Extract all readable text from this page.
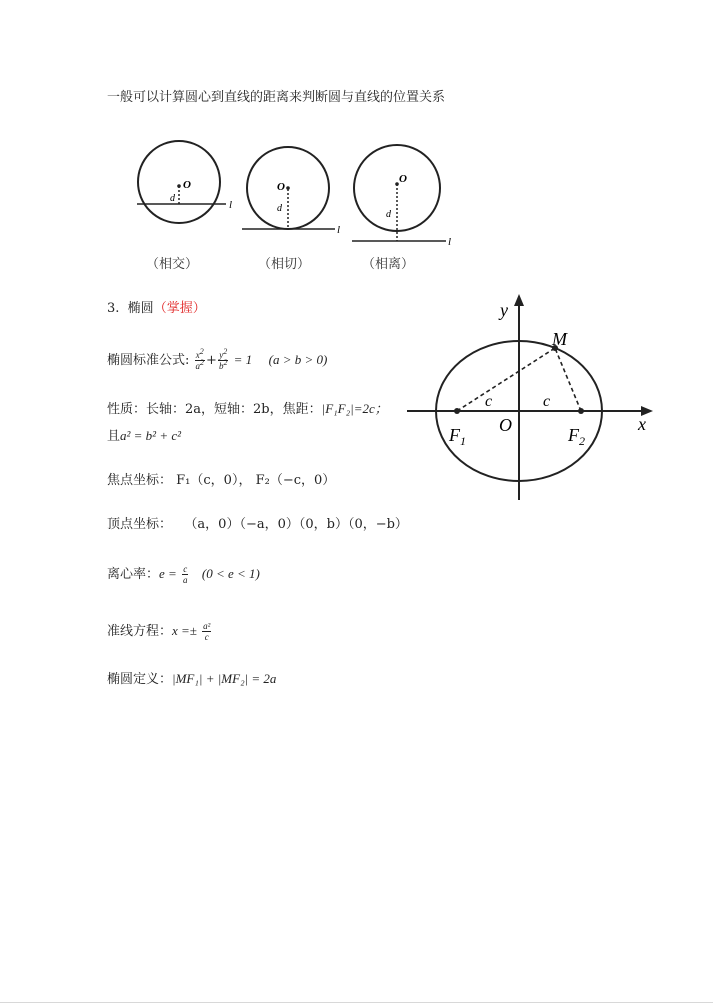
一般可以计算圆心到直线的距离来判断圆与直线的位置关系
O
d
l
O
d
l
O
d
l
（相交）	（相切）	（相离）
3. 椭圆（掌握）
椭圆标准公式: $\frac{x^2}{a^2} + \frac{y^2}{b^2} = 1$ (a > b > 0)
性质：长轴：2a，短轴：2b，焦距：|F₁F₂|=2c；
且a² = b² + c²
焦点坐标： F₁（c，0）， F₂（−c，0）
顶点坐标： （a，0）（−a，0）（0，b）（0，−b）
离心率：$e = \frac{c}{a} (0 < e < 1)$
准线方程：$x =\pm \frac{\text{a²}}{c}$
椭圆定义：|MF₁| + |MF₂| = 2a
y
x
M
c	c
O
$F_1$	$F_2$
